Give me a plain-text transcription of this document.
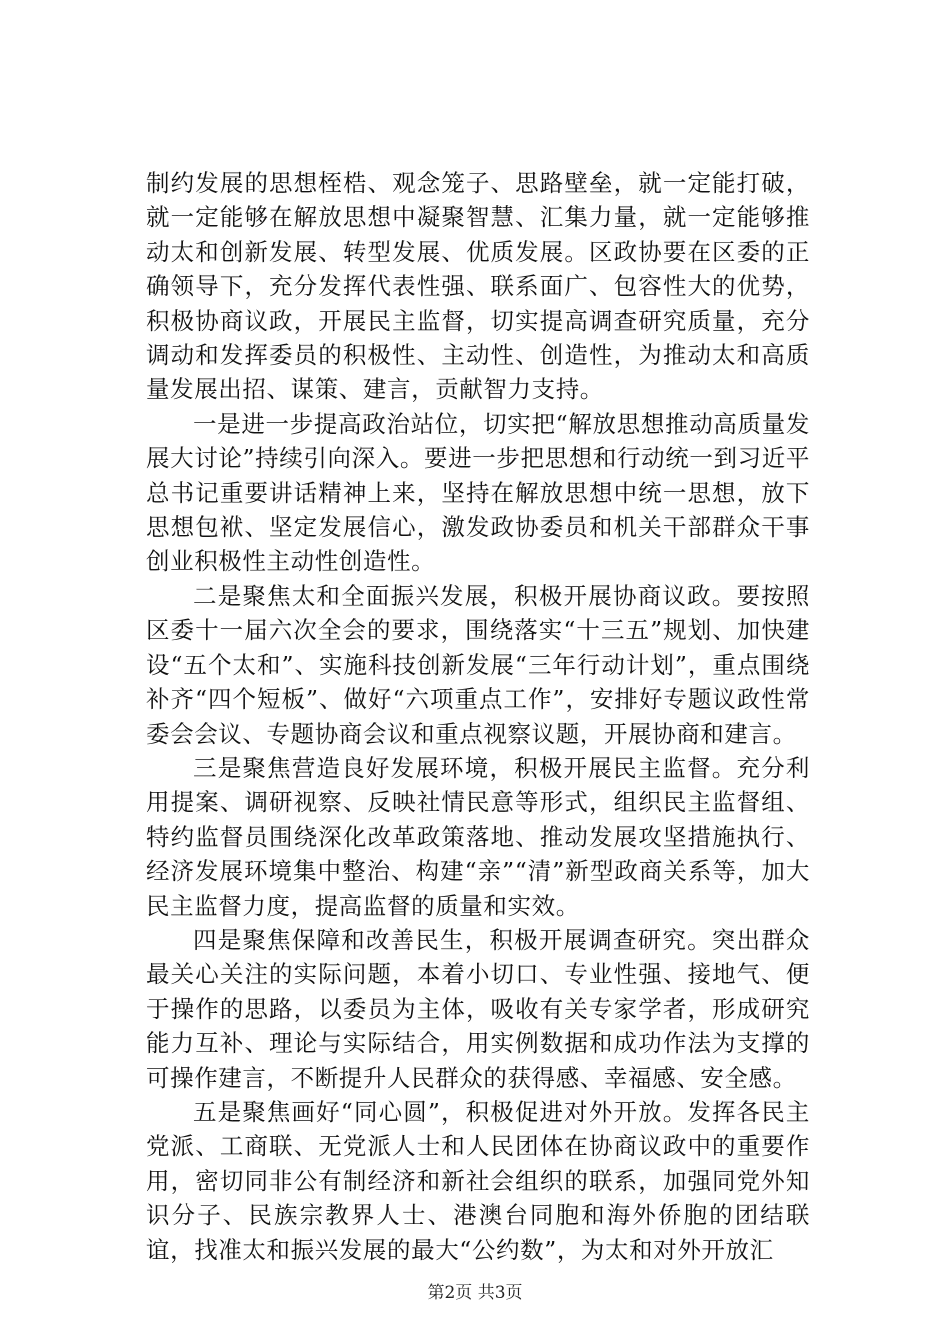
制约发展的思想桎梏、观念笼子、思路壁垒，就一定能打破，就一定能够在解放思想中凝聚智慧、汇集力量，就一定能够推动太和创新发展、转型发展、优质发展。区政协要在区委的正确领导下，充分发挥代表性强、联系面广、包容性大的优势，积极协商议政，开展民主监督，切实提高调查研究质量，充分调动和发挥委员的积极性、主动性、创造性，为推动太和高质量发展出招、谋策、建言，贡献智力支持。

一是进一步提高政治站位，切实把“解放思想推动高质量发展大讨论”持续引向深入。要进一步把思想和行动统一到习近平总书记重要讲话精神上来，坚持在解放思想中统一思想，放下思想包袱、坚定发展信心，激发政协委员和机关干部群众干事创业积极性主动性创造性。

二是聚焦太和全面振兴发展，积极开展协商议政。要按照区委十一届六次全会的要求，围绕落实“十三五”规划、加快建设“五个太和”、实施科技创新发展“三年行动计划”，重点围绕补齐“四个短板”、做好“六项重点工作”，安排好专题议政性常委会会议、专题协商会议和重点视察议题，开展协商和建言。

三是聚焦营造良好发展环境，积极开展民主监督。充分利用提案、调研视察、反映社情民意等形式，组织民主监督组、特约监督员围绕深化改革政策落地、推动发展攻坚措施执行、经济发展环境集中整治、构建“亲”“清”新型政商关系等，加大民主监督力度，提高监督的质量和实效。

四是聚焦保障和改善民生，积极开展调查研究。突出群众最关心关注的实际问题，本着小切口、专业性强、接地气、便于操作的思路，以委员为主体，吸收有关专家学者，形成研究能力互补、理论与实际结合，用实例数据和成功作法为支撑的可操作建言，不断提升人民群众的获得感、幸福感、安全感。

五是聚焦画好“同心圆”，积极促进对外开放。发挥各民主党派、工商联、无党派人士和人民团体在协商议政中的重要作用，密切同非公有制经济和新社会组织的联系，加强同党外知识分子、民族宗教界人士、港澳台同胞和海外侨胞的团结联谊，找准太和振兴发展的最大“公约数”，为太和对外开放汇

第2页 共3页
